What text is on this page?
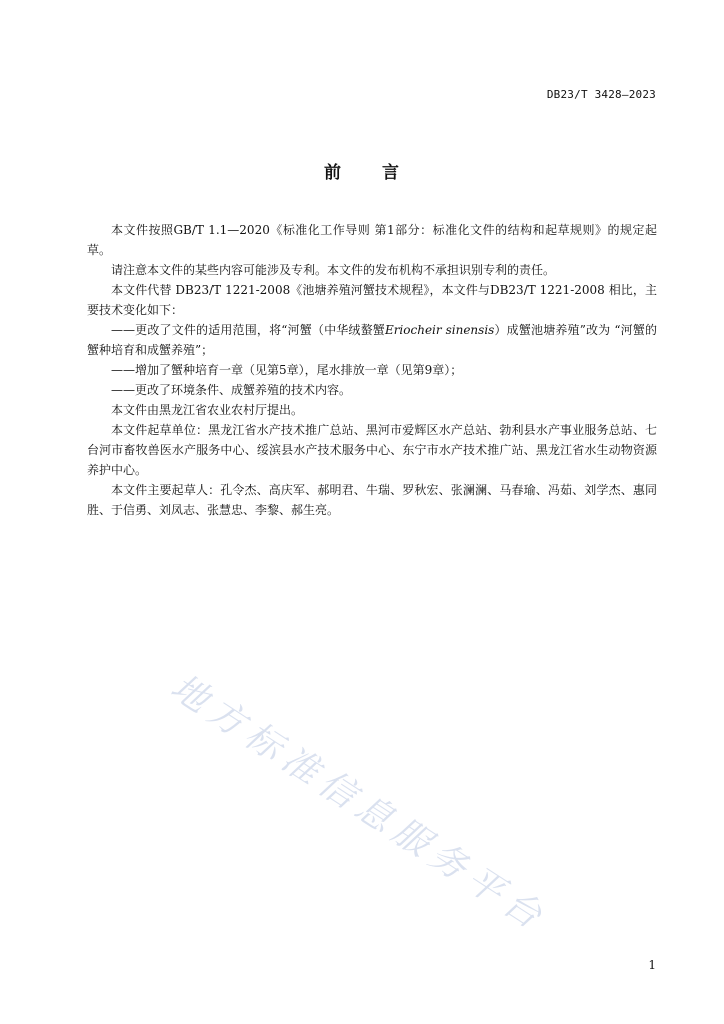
DB23/T 3428—2023
前 言

本文件按照GB/T 1.1—2020《标准化工作导则 第1部分：标准化文件的结构和起草规则》的规定起草。

请注意本文件的某些内容可能涉及专利。本文件的发布机构不承担识别专利的责任。

本文件代替 DB23/T 1221-2008《池塘养殖河蟹技术规程》，本文件与DB23/T 1221-2008 相比，主要技术变化如下：

——更改了文件的适用范围，将“河蟹（中华绒螯蟹Eriocheir sinensis）成蟹池塘养殖”改为 “河蟹的蟹种培育和成蟹养殖”；

——增加了蟹种培育一章（见第5章），尾水排放一章（见第9章）；

——更改了环境条件、成蟹养殖的技术内容。

本文件由黑龙江省农业农村厅提出。

本文件起草单位：黑龙江省水产技术推广总站、黑河市爱辉区水产总站、勃利县水产事业服务总站、七台河市畜牧兽医水产服务中心、绥滨县水产技术服务中心、东宁市水产技术推广站、黑龙江省水生动物资源养护中心。

本文件主要起草人：孔令杰、高庆军、郝明君、牛瑞、罗秋宏、张澜澜、马春瑜、冯茹、刘学杰、惠同胜、于信勇、刘凤志、张慧忠、李黎、郝生亮。

地方标准信息服务平台
1
